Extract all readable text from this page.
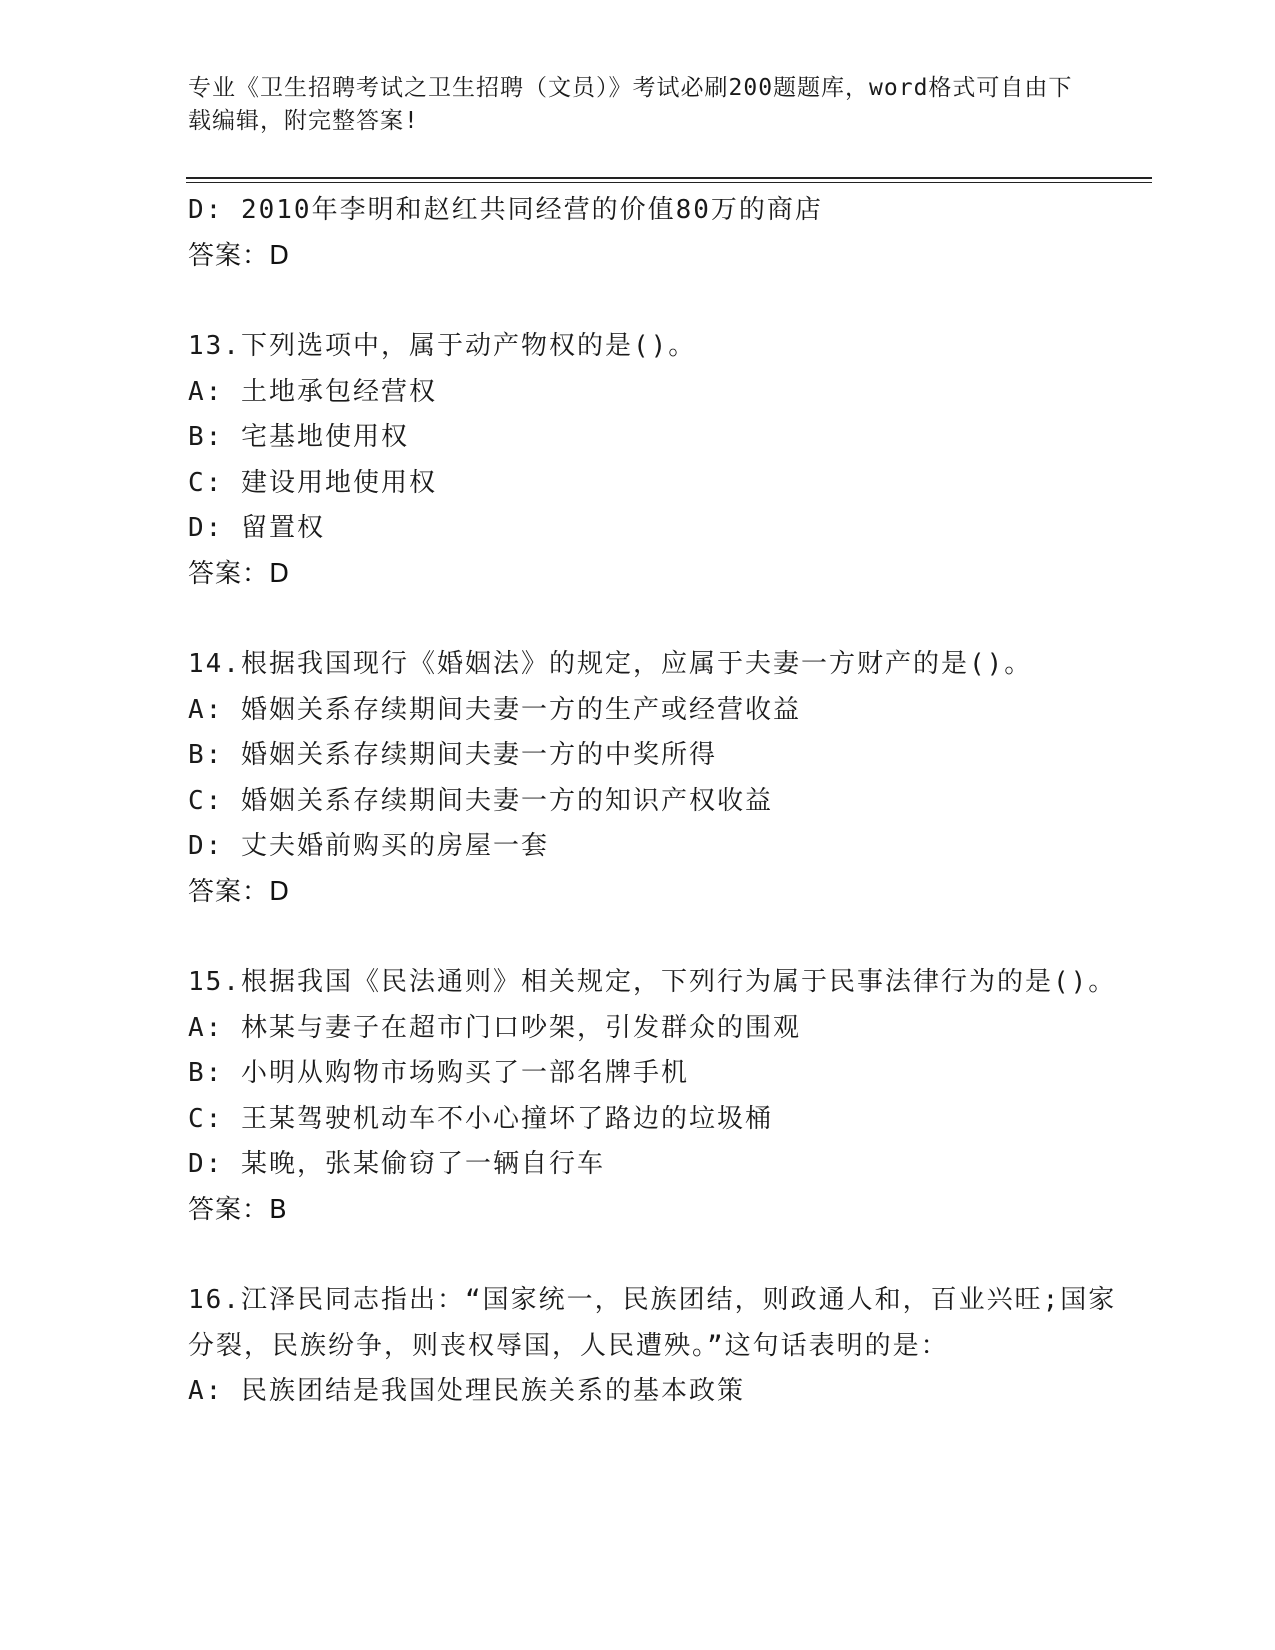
专业《卫生招聘考试之卫生招聘（文员）》考试必刷200题题库，word格式可自由下载编辑，附完整答案!
D: 2010年李明和赵红共同经营的价值80万的商店
答案：D
13.下列选项中，属于动产物权的是()。
A: 土地承包经营权
B: 宅基地使用权
C: 建设用地使用权
D: 留置权
答案：D
14.根据我国现行《婚姻法》的规定，应属于夫妻一方财产的是()。
A: 婚姻关系存续期间夫妻一方的生产或经营收益
B: 婚姻关系存续期间夫妻一方的中奖所得
C: 婚姻关系存续期间夫妻一方的知识产权收益
D: 丈夫婚前购买的房屋一套
答案：D
15.根据我国《民法通则》相关规定，下列行为属于民事法律行为的是()。
A: 林某与妻子在超市门口吵架，引发群众的围观
B: 小明从购物市场购买了一部名牌手机
C: 王某驾驶机动车不小心撞坏了路边的垃圾桶
D: 某晚，张某偷窃了一辆自行车
答案：B
16.江泽民同志指出：“国家统一，民族团结，则政通人和，百业兴旺;国家分裂，民族纷争，则丧权辱国，人民遭殃。”这句话表明的是：
A: 民族团结是我国处理民族关系的基本政策
